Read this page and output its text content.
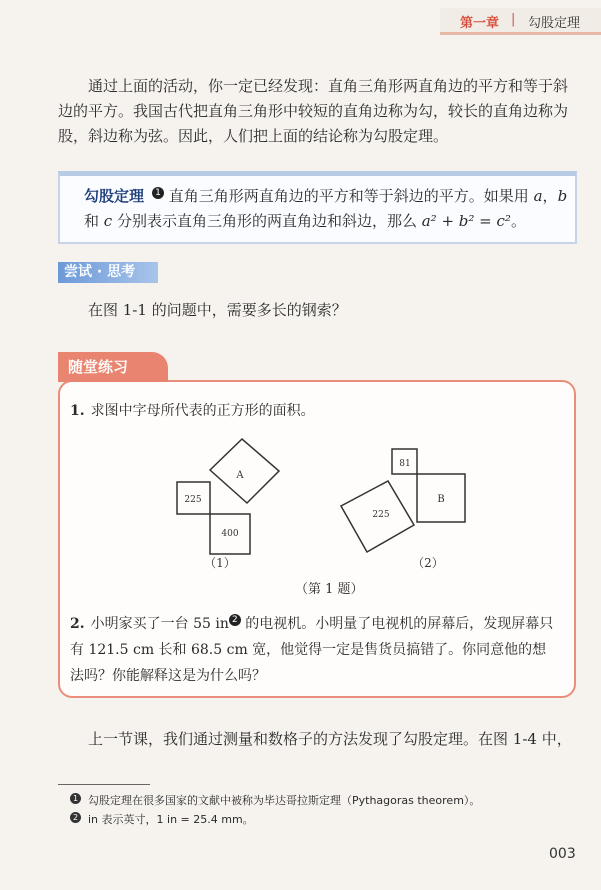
第一章 | 勾股定理
通过上面的活动，你一定已经发现：直角三角形两直角边的平方和等于斜边的平方。我国古代把直角三角形中较短的直角边称为勾，较长的直角边称为股，斜边称为弦。因此，人们把上面的结论称为勾股定理。
勾股定理 1 直角三角形两直角边的平方和等于斜边的平方。如果用 a，b 和 c 分别表示直角三角形的两直角边和斜边，那么 a² + b² = c²。
尝试 · 思考
在图 1-1 的问题中，需要多长的钢索？
随堂练习
1. 求图中字母所代表的正方形的面积。
A
225
400
81
B
225
（1）	（2）
（第 1 题）
2. 小明家买了一台 55 in 2 的电视机。小明量了电视机的屏幕后，发现屏幕只有 121.5 cm 长和 68.5 cm 宽，他觉得一定是售货员搞错了。你同意他的想法吗？你能解释这是为什么吗？
上一节课，我们通过测量和数格子的方法发现了勾股定理。在图 1-4 中，
1 勾股定理在很多国家的文献中被称为毕达哥拉斯定理（Pythagoras theorem）。
2 in 表示英寸，1 in = 25.4 mm。
003
